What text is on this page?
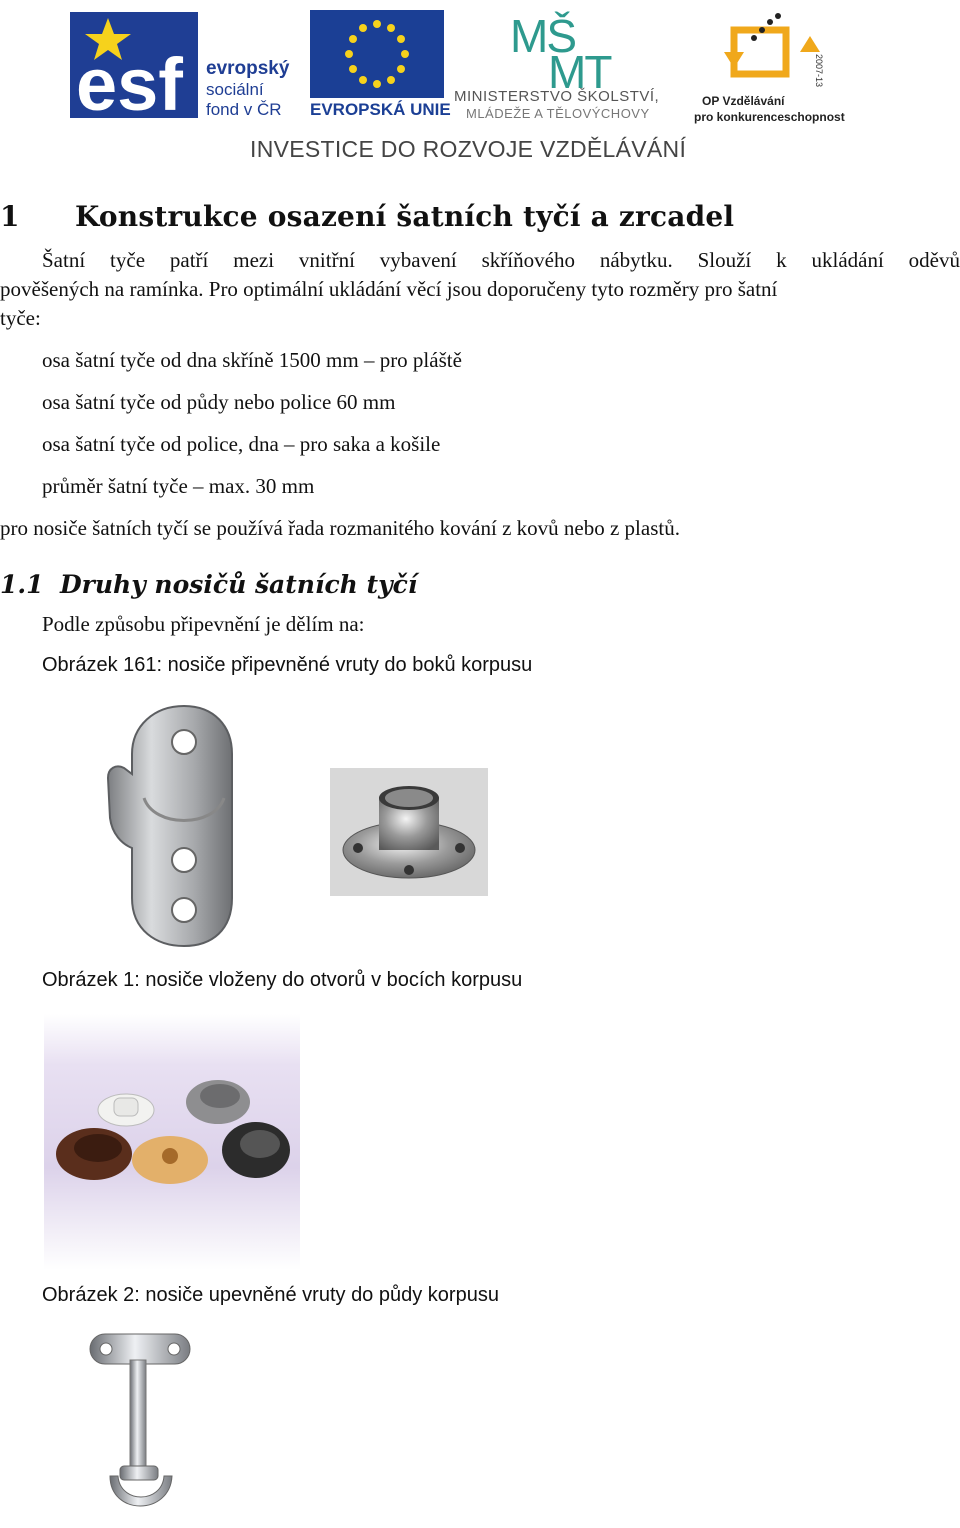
esf evropský
sociální
fond v ČR EVROPSKÁ UNIE
MŠ
MT
MINISTERSTVO ŠKOLSTVÍ,
MLÁDEŽE A TĚLOVÝCHOVY
2007-13
OP Vzdělávání
pro konkurenceschopnost
INVESTICE DO ROZVOJE VZDĚLÁVÁNÍ
1 Konstrukce osazení šatních tyčí a zrcadel
Šatní tyče patří mezi vnitřní vybavení skříňového nábytku. Slouží k ukládání oděvů
pověšených na ramínka. Pro optimální ukládání věcí jsou doporučeny tyto rozměry pro šatní
tyče:
osa šatní tyče od dna skříně 1500 mm – pro pláště
osa šatní tyče od půdy nebo police 60 mm
osa šatní tyče od police, dna – pro saka a košile
průměr šatní tyče – max. 30 mm
pro nosiče šatních tyčí se používá řada rozmanitého kování z kovů nebo z plastů.
1.1 Druhy nosičů šatních tyčí
Podle způsobu připevnění je dělím na:
Obrázek 161: nosiče připevněné vruty do boků korpusu
Obrázek 1: nosiče vloženy do otvorů v bocích korpusu
Obrázek 2: nosiče upevněné vruty do půdy korpusu
